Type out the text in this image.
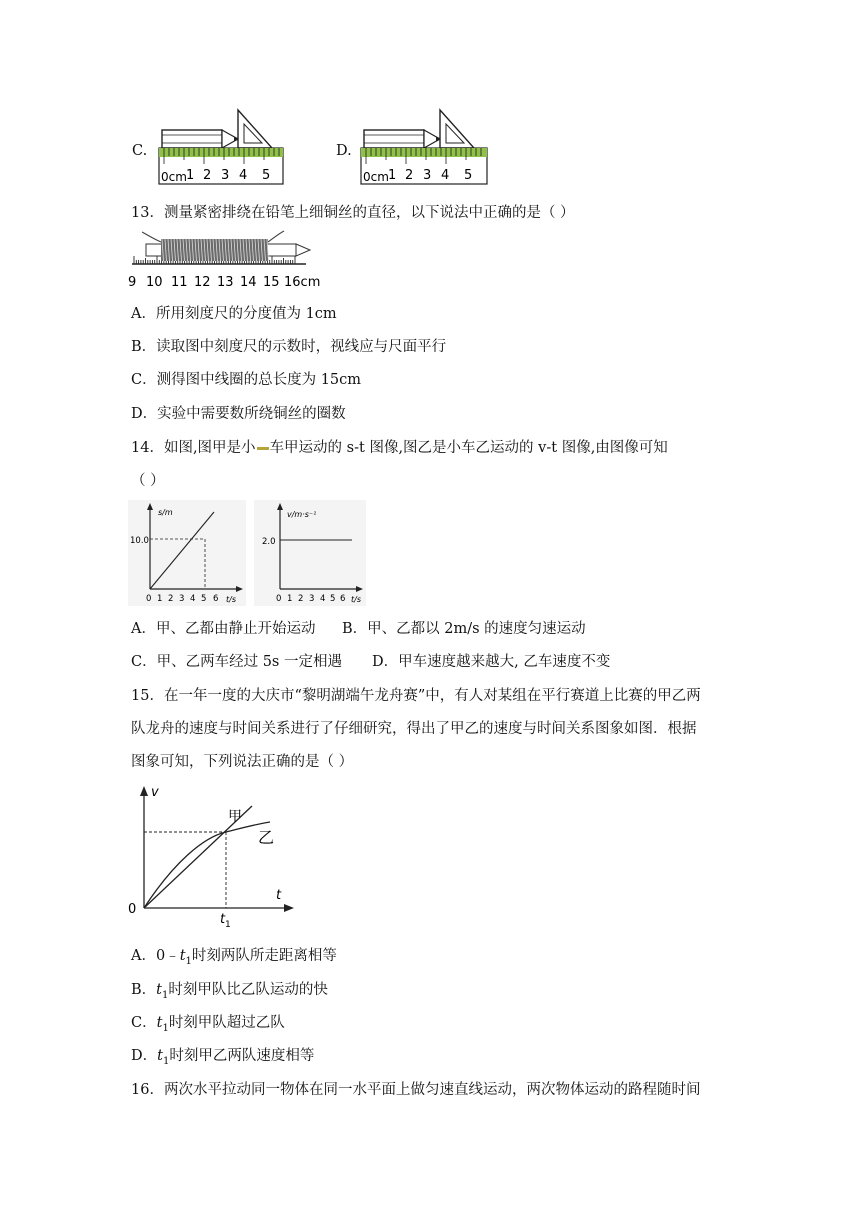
C.
0cm 1 2 3 4 5
D.
0cm 1 2 3 4 5
13．测量紧密排绕在铅笔上细铜丝的直径，以下说法中正确的是（ ）
9 10 11 12 13 14 15 16cm
A．所用刻度尺的分度值为 1cm
B．读取图中刻度尺的示数时，视线应与尺面平行
C．测得图中线圈的总长度为 15cm
D．实验中需要数所绕铜丝的圈数
14．如图,图甲是小 车甲运动的 s-t 图像,图乙是小车乙运动的 v-t 图像,由图像可知
（ ）
s/m
10.0
0 1 2 3 4 5 6 t/s
v/m·s⁻¹
2.0
0 1 2 3 4 5 6 t/s
A．甲、乙都由静止开始运动 B．甲、乙都以 2m/s 的速度匀速运动
C．甲、乙两车经过 5s 一定相遇 D．甲车速度越来越大, 乙车速度不变
15．在一年一度的大庆市“黎明湖端午龙舟赛”中，有人对某组在平行赛道上比赛的甲乙两
队龙舟的速度与时间关系进行了仔细研究，得出了甲乙的速度与时间关系图象如图．根据
图象可知，下列说法正确的是（ ）
v
t
0
t 1
甲
乙
A．$0﹣t_1$时刻两队所走距离相等
B．$t_1$时刻甲队比乙队运动的快
C．$t_1$时刻甲队超过乙队
D．$t_1$时刻甲乙两队速度相等
16．两次水平拉动同一物体在同一水平面上做匀速直线运动，两次物体运动的路程随时间
